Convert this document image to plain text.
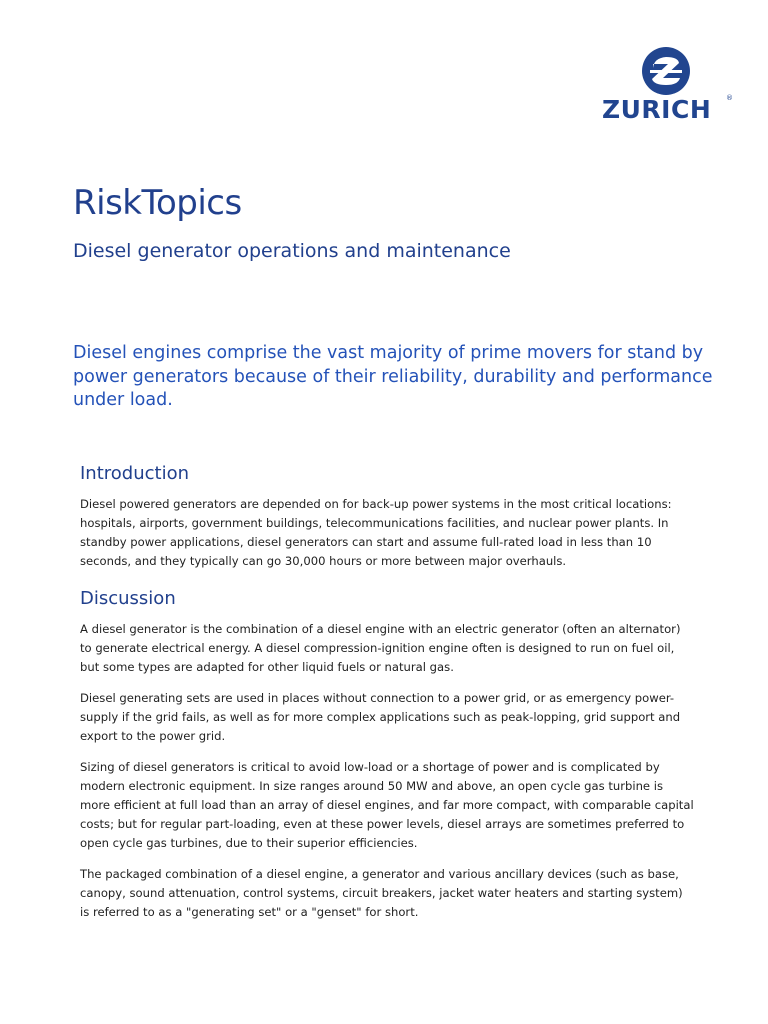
ZURICH ®
RiskTopics
Diesel generator operations and maintenance

Diesel engines comprise the vast majority of prime movers for stand by power generators because of their reliability, durability and performance under load.

Introduction

Diesel powered generators are depended on for back-up power systems in the most critical locations: hospitals, airports, government buildings, telecommunications facilities, and nuclear power plants. In standby power applications, diesel generators can start and assume full-rated load in less than 10 seconds, and they typically can go 30,000 hours or more between major overhauls.

Discussion

A diesel generator is the combination of a diesel engine with an electric generator (often an alternator) to generate electrical energy. A diesel compression-ignition engine often is designed to run on fuel oil, but some types are adapted for other liquid fuels or natural gas.

Diesel generating sets are used in places without connection to a power grid, or as emergency power-supply if the grid fails, as well as for more complex applications such as peak-lopping, grid support and export to the power grid.

Sizing of diesel generators is critical to avoid low-load or a shortage of power and is complicated by modern electronic equipment. In size ranges around 50 MW and above, an open cycle gas turbine is more efficient at full load than an array of diesel engines, and far more compact, with comparable capital costs; but for regular part-loading, even at these power levels, diesel arrays are sometimes preferred to open cycle gas turbines, due to their superior efficiencies.

The packaged combination of a diesel engine, a generator and various ancillary devices (such as base, canopy, sound attenuation, control systems, circuit breakers, jacket water heaters and starting system) is referred to as a "generating set" or a "genset" for short.
